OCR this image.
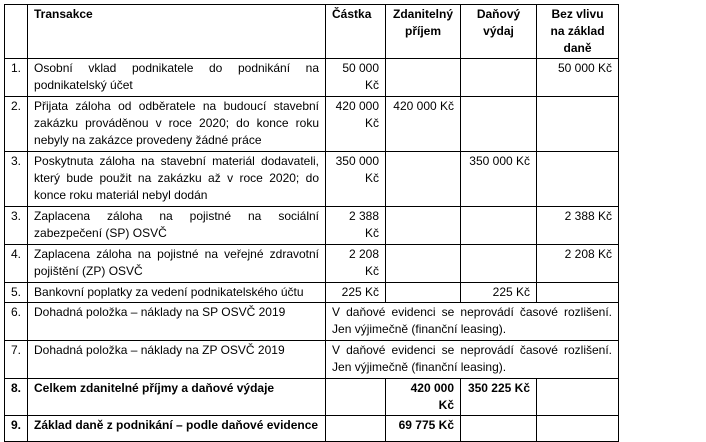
	Transakce	Částka	Zdanitelný příjem	Daňový výdaj	Bez vlivu na základ daně
1.	Osobní vklad podnikatele do podnikání na podnikatelský účet	50 000 Kč			50 000 Kč
2.	Přijata záloha od odběratele na budoucí stavební zakázku prováděnou v roce 2020; do konce roku nebyly na zakázce provedeny žádné práce	420 000 Kč	420 000 Kč		
3.	Poskytnuta záloha na stavební materiál dodavateli, který bude použit na zakázku až v roce 2020; do konce roku materiál nebyl dodán	350 000 Kč		350 000 Kč	
3.	Zaplacena záloha na pojistné na sociální zabezpečení (SP) OSVČ	2 388 Kč			2 388 Kč
4.	Zaplacena záloha na pojistné na veřejné zdravotní pojištění (ZP) OSVČ	2 208 Kč			2 208 Kč
5.	Bankovní poplatky za vedení podnikatelského účtu	225 Kč		225 Kč	
6.	Dohadná položka – náklady na SP OSVČ 2019	V daňové evidenci se neprovádí časové rozlišení. Jen výjimečně (finanční leasing).			
7.	Dohadná položka – náklady na ZP OSVČ 2019	V daňové evidenci se neprovádí časové rozlišení. Jen výjimečně (finanční leasing).			
8.	Celkem zdanitelné příjmy a daňové výdaje		420 000 Kč	350 225 Kč	
9.	Základ daně z podnikání – podle daňové evidence		69 775 Kč		
